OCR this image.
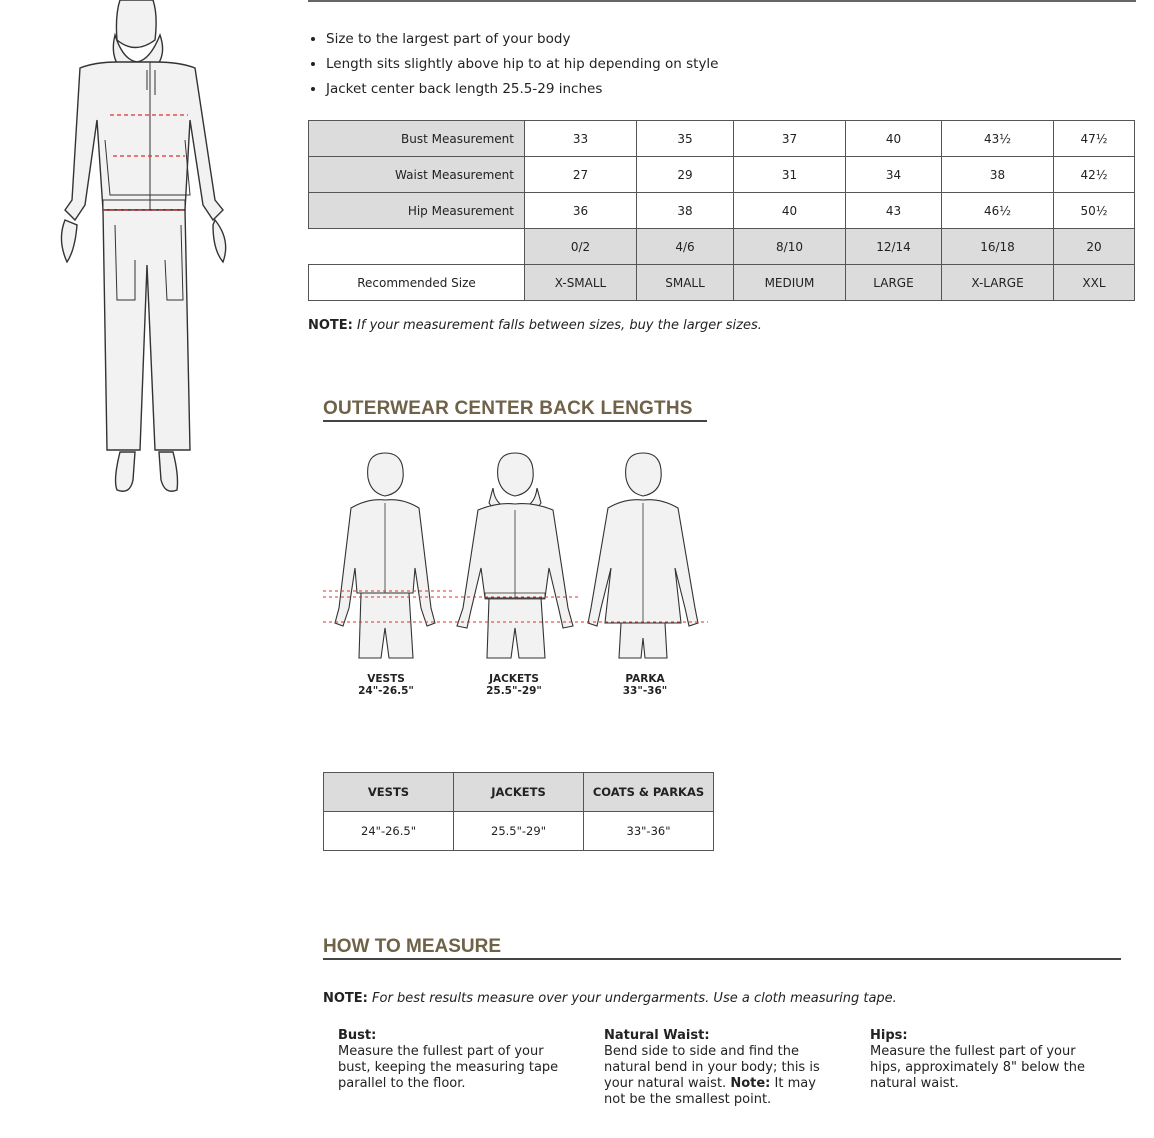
• Size to the largest part of your body
• Length sits slightly above hip to at hip depending on style
• Jacket center back length 25.5-29 inches
Bust Measurement	33	35	37	40	43½	47½
Waist Measurement	27	29	31	34	38	42½
Hip Measurement	36	38	40	43	46½	50½
	0/2	4/6	8/10	12/14	16/18	20
Recommended Size	X-SMALL	SMALL	MEDIUM	LARGE	X-LARGE	XXL
NOTE: If your measurement falls between sizes, buy the larger sizes.
OUTERWEAR CENTER BACK LENGTHS
VESTS
24"-26.5"
JACKETS
25.5"-29"
PARKA
33"-36"
VESTS	JACKETS	COATS & PARKAS
24"-26.5"	25.5"-29"	33"-36"
HOW TO MEASURE
NOTE: For best results measure over your undergarments. Use a cloth measuring tape.
Bust:
Measure the fullest part of your bust, keeping the measuring tape parallel to the floor.
Natural Waist:
Bend side to side and find the natural bend in your body; this is your natural waist. Note: It may not be the smallest point.
Hips:
Measure the fullest part of your hips, approximately 8" below the natural waist.
